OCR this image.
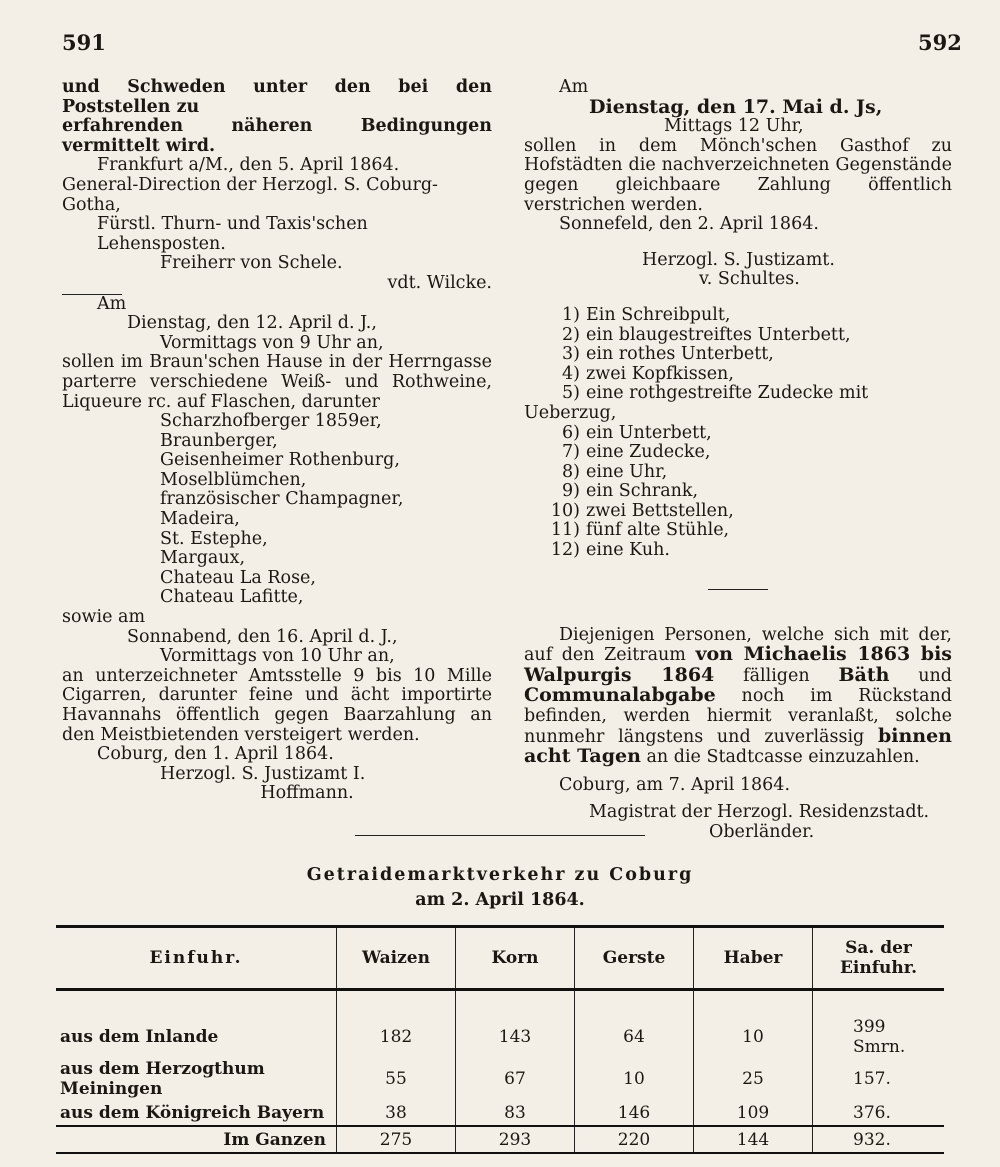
591	592
und Schweden unter den bei den Poststellen zu
erfahrenden näheren Bedingungen vermittelt wird.
Frankfurt a/M., den 5. April 1864.
General-Direction der Herzogl. S. Coburg-Gotha,
Fürstl. Thurn- und Taxis'schen Lehensposten.
Freiherr von Schele.
vdt. Wilcke.
Am
Dienstag, den 12. April d. J.,
Vormittags von 9 Uhr an,
sollen im Braun'schen Hause in der Herrngasse parterre verschiedene Weiß- und Rothweine, Liqueure rc. auf Flaschen, darunter
Scharzhofberger 1859er,
Braunberger,
Geisenheimer Rothenburg,
Moselblümchen,
französischer Champagner,
Madeira,
St. Estephe,
Margaux,
Chateau La Rose,
Chateau Lafitte,
sowie am
Sonnabend, den 16. April d. J.,
Vormittags von 10 Uhr an,
an unterzeichneter Amtsstelle 9 bis 10 Mille Cigarren, darunter feine und ächt importirte Havannahs öffentlich gegen Baarzahlung an den Meistbietenden versteigert werden.
Coburg, den 1. April 1864.
Herzogl. S. Justizamt I.
Hoffmann.
Am
Dienstag, den 17. Mai d. Js,
Mittags 12 Uhr,
sollen in dem Mönch'schen Gasthof zu Hofstädten die nachverzeichneten Gegenstände gegen gleichbaare Zahlung öffentlich verstrichen werden.
Sonnefeld, den 2. April 1864.
Herzogl. S. Justizamt.
v. Schultes.
1) Ein Schreibpult,
2) ein blaugestreiftes Unterbett,
3) ein rothes Unterbett,
4) zwei Kopfkissen,
5) eine rothgestreifte Zudecke mit Ueberzug,
6) ein Unterbett,
7) eine Zudecke,
8) eine Uhr,
9) ein Schrank,
10) zwei Bettstellen,
11) fünf alte Stühle,
12) eine Kuh.
Diejenigen Personen, welche sich mit der, auf den Zeitraum von Michaelis 1863 bis Walpurgis 1864 fälligen Bäth und Communalabgabe noch im Rückstand befinden, werden hiermit veranlaßt, solche nunmehr längstens und zuverlässig binnen acht Tagen an die Stadtcasse einzuzahlen.
Coburg, am 7. April 1864.
Magistrat der Herzogl. Residenzstadt.
Oberländer.
Getraidemarktverkehr zu Coburg
am 2. April 1864.
Einfuhr.	Waizen	Korn	Gerste	Haber	Sa. der Einfuhr.

aus dem Inlande	182	143	64	10	399 Smrn.
aus dem Herzogthum Meiningen	55	67	10	25	157.
aus dem Königreich Bayern	38	83	146	109	376.
Im Ganzen	275	293	220	144	932.
